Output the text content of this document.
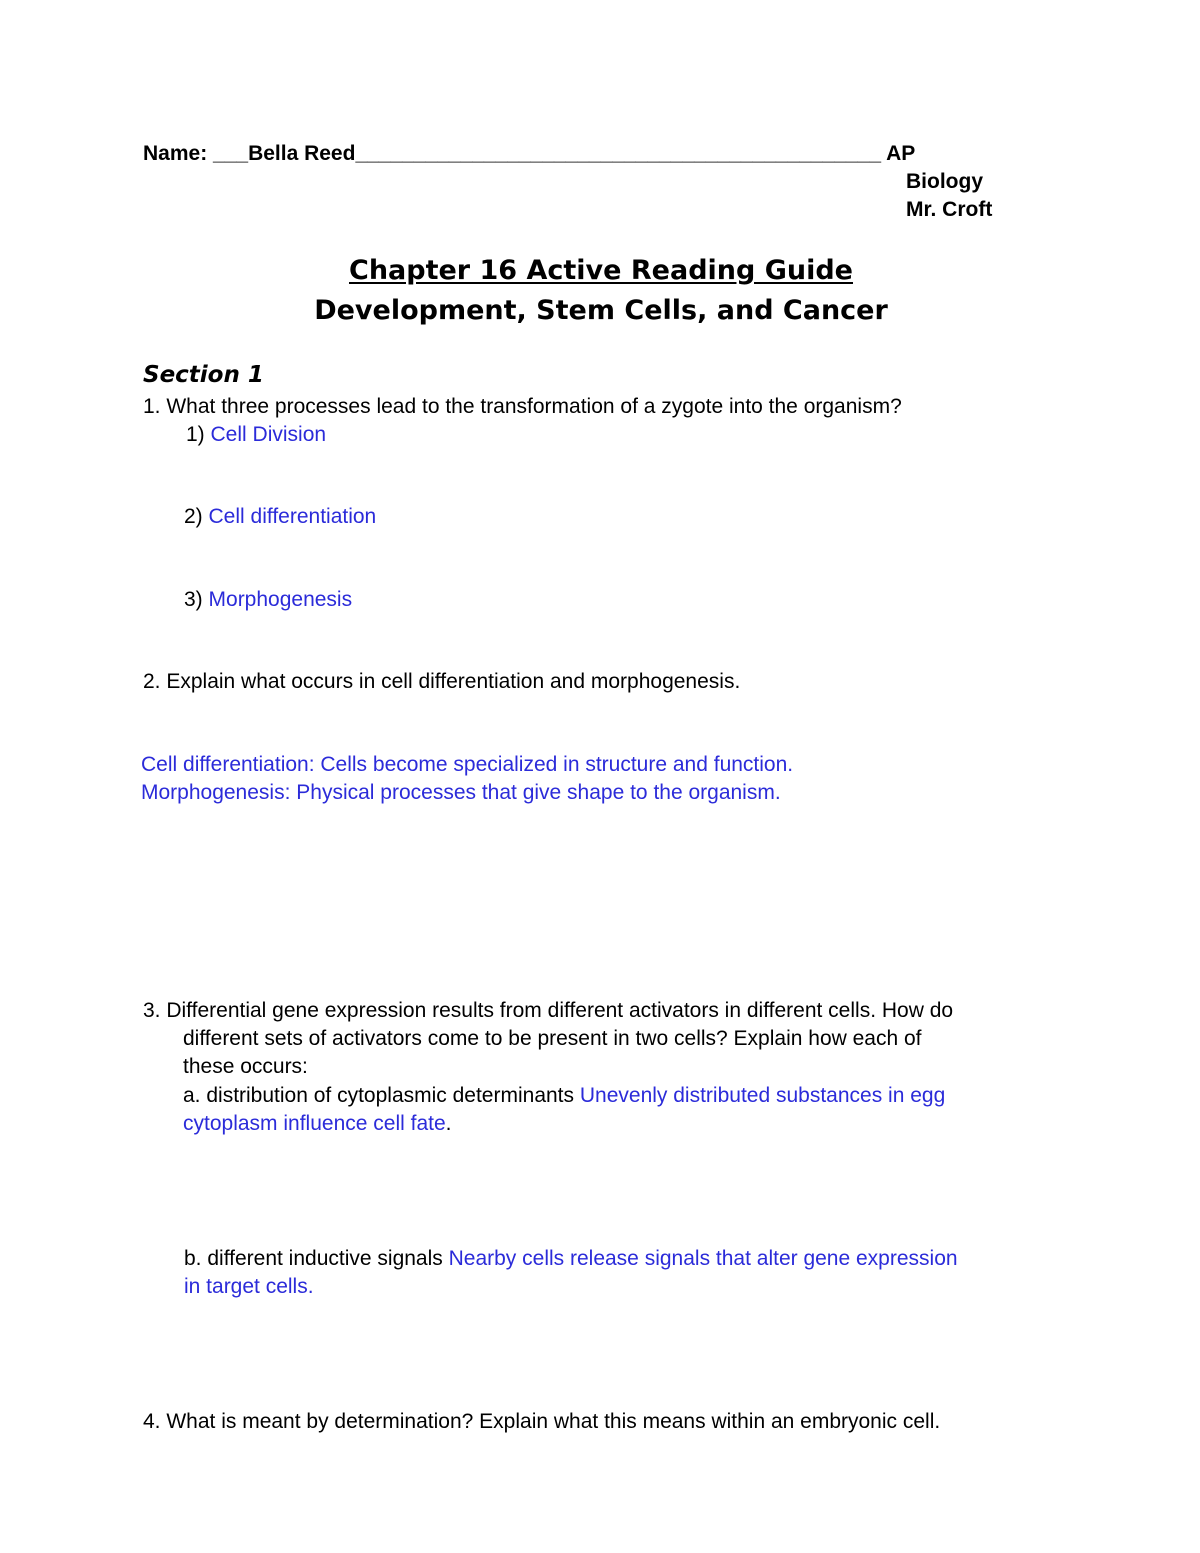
Name: ___Bella Reed_____________________________________________ AP
Biology
Mr. Croft
Chapter 16 Active Reading Guide
Development, Stem Cells, and Cancer
Section 1
1. What three processes lead to the transformation of a zygote into the organism?
1) Cell Division
2) Cell differentiation
3) Morphogenesis
2. Explain what occurs in cell differentiation and morphogenesis.
Cell differentiation: Cells become specialized in structure and function.
Morphogenesis: Physical processes that give shape to the organism.
3. Differential gene expression results from different activators in different cells. How do
different sets of activators come to be present in two cells? Explain how each of
these occurs:
a. distribution of cytoplasmic determinants Unevenly distributed substances in egg
cytoplasm influence cell fate.
b. different inductive signals Nearby cells release signals that alter gene expression
in target cells.
4. What is meant by determination? Explain what this means within an embryonic cell.
